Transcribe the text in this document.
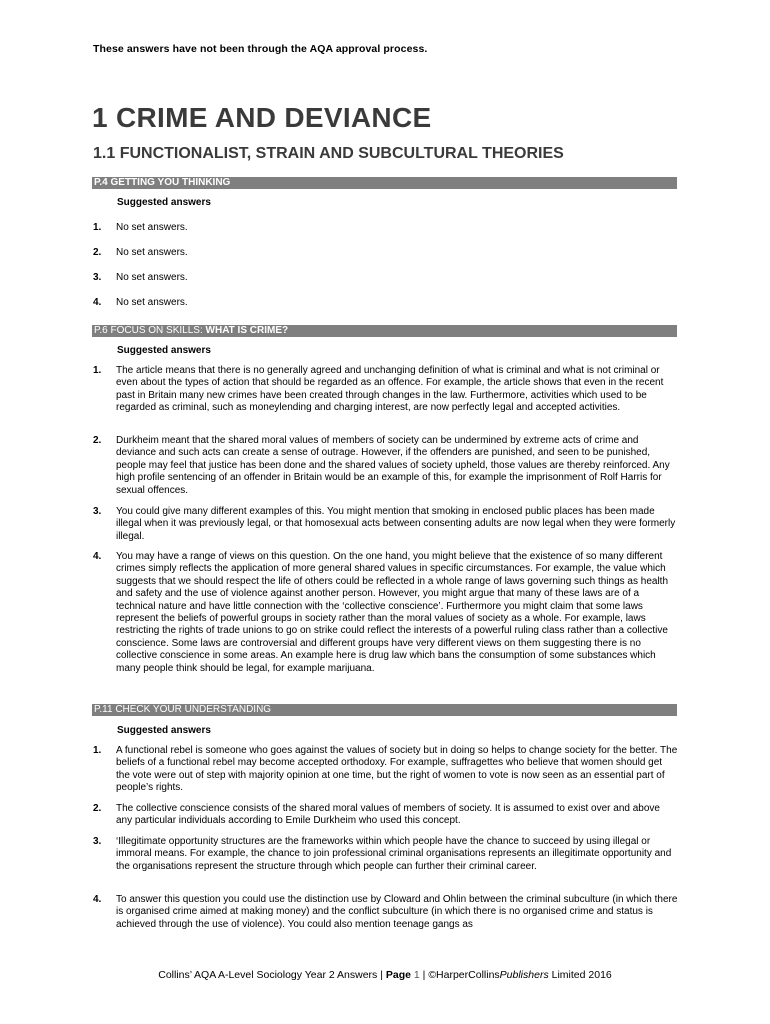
These answers have not been through the AQA approval process.
1 CRIME AND DEVIANCE
1.1 FUNCTIONALIST, STRAIN AND SUBCULTURAL THEORIES
P.4 GETTING YOU THINKING
Suggested answers
1. No set answers.
2. No set answers.
3. No set answers.
4. No set answers.
P.6 FOCUS ON SKILLS: WHAT IS CRIME?
Suggested answers
1. The article means that there is no generally agreed and unchanging definition of what is criminal and what is not criminal or even about the types of action that should be regarded as an offence. For example, the article shows that even in the recent past in Britain many new crimes have been created through changes in the law. Furthermore, activities which used to be regarded as criminal, such as moneylending and charging interest, are now perfectly legal and accepted activities.
2. Durkheim meant that the shared moral values of members of society can be undermined by extreme acts of crime and deviance and such acts can create a sense of outrage. However, if the offenders are punished, and seen to be punished, people may feel that justice has been done and the shared values of society upheld, those values are thereby reinforced. Any high profile sentencing of an offender in Britain would be an example of this, for example the imprisonment of Rolf Harris for sexual offences.
3. You could give many different examples of this. You might mention that smoking in enclosed public places has been made illegal when it was previously legal, or that homosexual acts between consenting adults are now legal when they were formerly illegal.
4. You may have a range of views on this question. On the one hand, you might believe that the existence of so many different crimes simply reflects the application of more general shared values in specific circumstances. For example, the value which suggests that we should respect the life of others could be reflected in a whole range of laws governing such things as health and safety and the use of violence against another person. However, you might argue that many of these laws are of a technical nature and have little connection with the ‘collective conscience’. Furthermore you might claim that some laws represent the beliefs of powerful groups in society rather than the moral values of society as a whole. For example, laws restricting the rights of trade unions to go on strike could reflect the interests of a powerful ruling class rather than a collective conscience. Some laws are controversial and different groups have very different views on them suggesting there is no collective conscience in some areas. An example here is drug law which bans the consumption of some substances which many people think should be legal, for example marijuana.
P.11 CHECK YOUR UNDERSTANDING
Suggested answers
1. A functional rebel is someone who goes against the values of society but in doing so helps to change society for the better. The beliefs of a functional rebel may become accepted orthodoxy. For example, suffragettes who believe that women should get the vote were out of step with majority opinion at one time, but the right of women to vote is now seen as an essential part of people’s rights.
2. The collective conscience consists of the shared moral values of members of society. It is assumed to exist over and above any particular individuals according to Emile Durkheim who used this concept.
3. ‘Illegitimate opportunity structures are the frameworks within which people have the chance to succeed by using illegal or immoral means. For example, the chance to join professional criminal organisations represents an illegitimate opportunity and the organisations represent the structure through which people can further their criminal career.
4. To answer this question you could use the distinction use by Cloward and Ohlin between the criminal subculture (in which there is organised crime aimed at making money) and the conflict subculture (in which there is no organised crime and status is achieved through the use of violence). You could also mention teenage gangs as
Collins’ AQA A-Level Sociology Year 2 Answers | Page 1 | ©HarperCollinsPublishers Limited 2016
